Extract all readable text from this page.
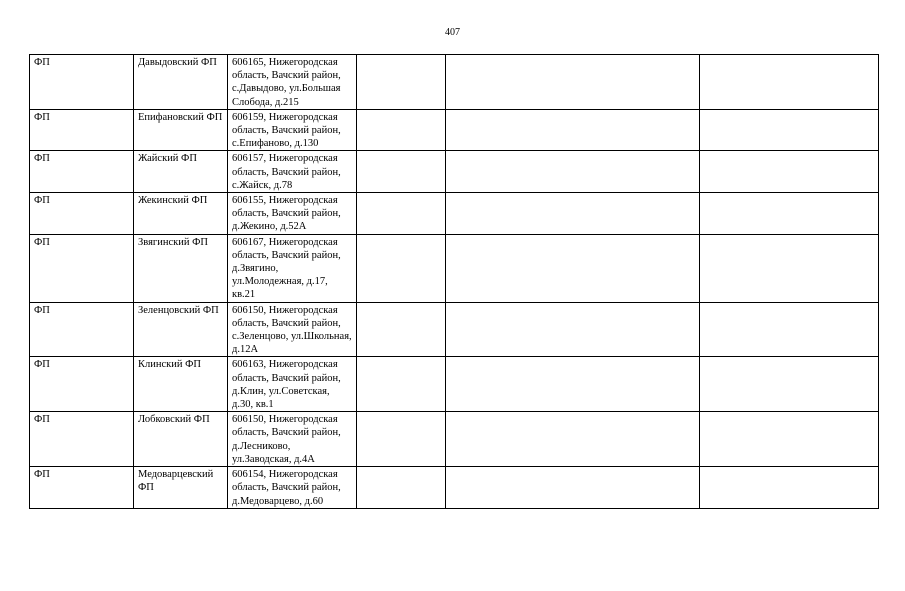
407
ФП	Давыдовский ФП	606165, Нижегородская область, Вачский район, с.Давыдово, ул.Большая Слобода, д.215			
ФП	Епифановский ФП	606159, Нижегородская область, Вачский район, с.Епифаново, д.130			
ФП	Жайский ФП	606157, Нижегородская область, Вачский район, с.Жайск, д.78			
ФП	Жекинский ФП	606155, Нижегородская область, Вачский район, д.Жекино, д.52А			
ФП	Звягинский ФП	606167, Нижегородская область, Вачский район, д.Звягино, ул.Молодежная, д.17, кв.21			
ФП	Зеленцовский ФП	606150, Нижегородская область, Вачский район, с.Зеленцово, ул.Школьная, д.12А			
ФП	Клинский ФП	606163, Нижегородская область, Вачский район, д.Клин, ул.Советская, д.30, кв.1			
ФП	Лобковский ФП	606150, Нижегородская область, Вачский район, д.Лесниково, ул.Заводская, д.4А			
ФП	Медоварцевский ФП	606154, Нижегородская область, Вачский район, д.Медоварцево, д.60			
